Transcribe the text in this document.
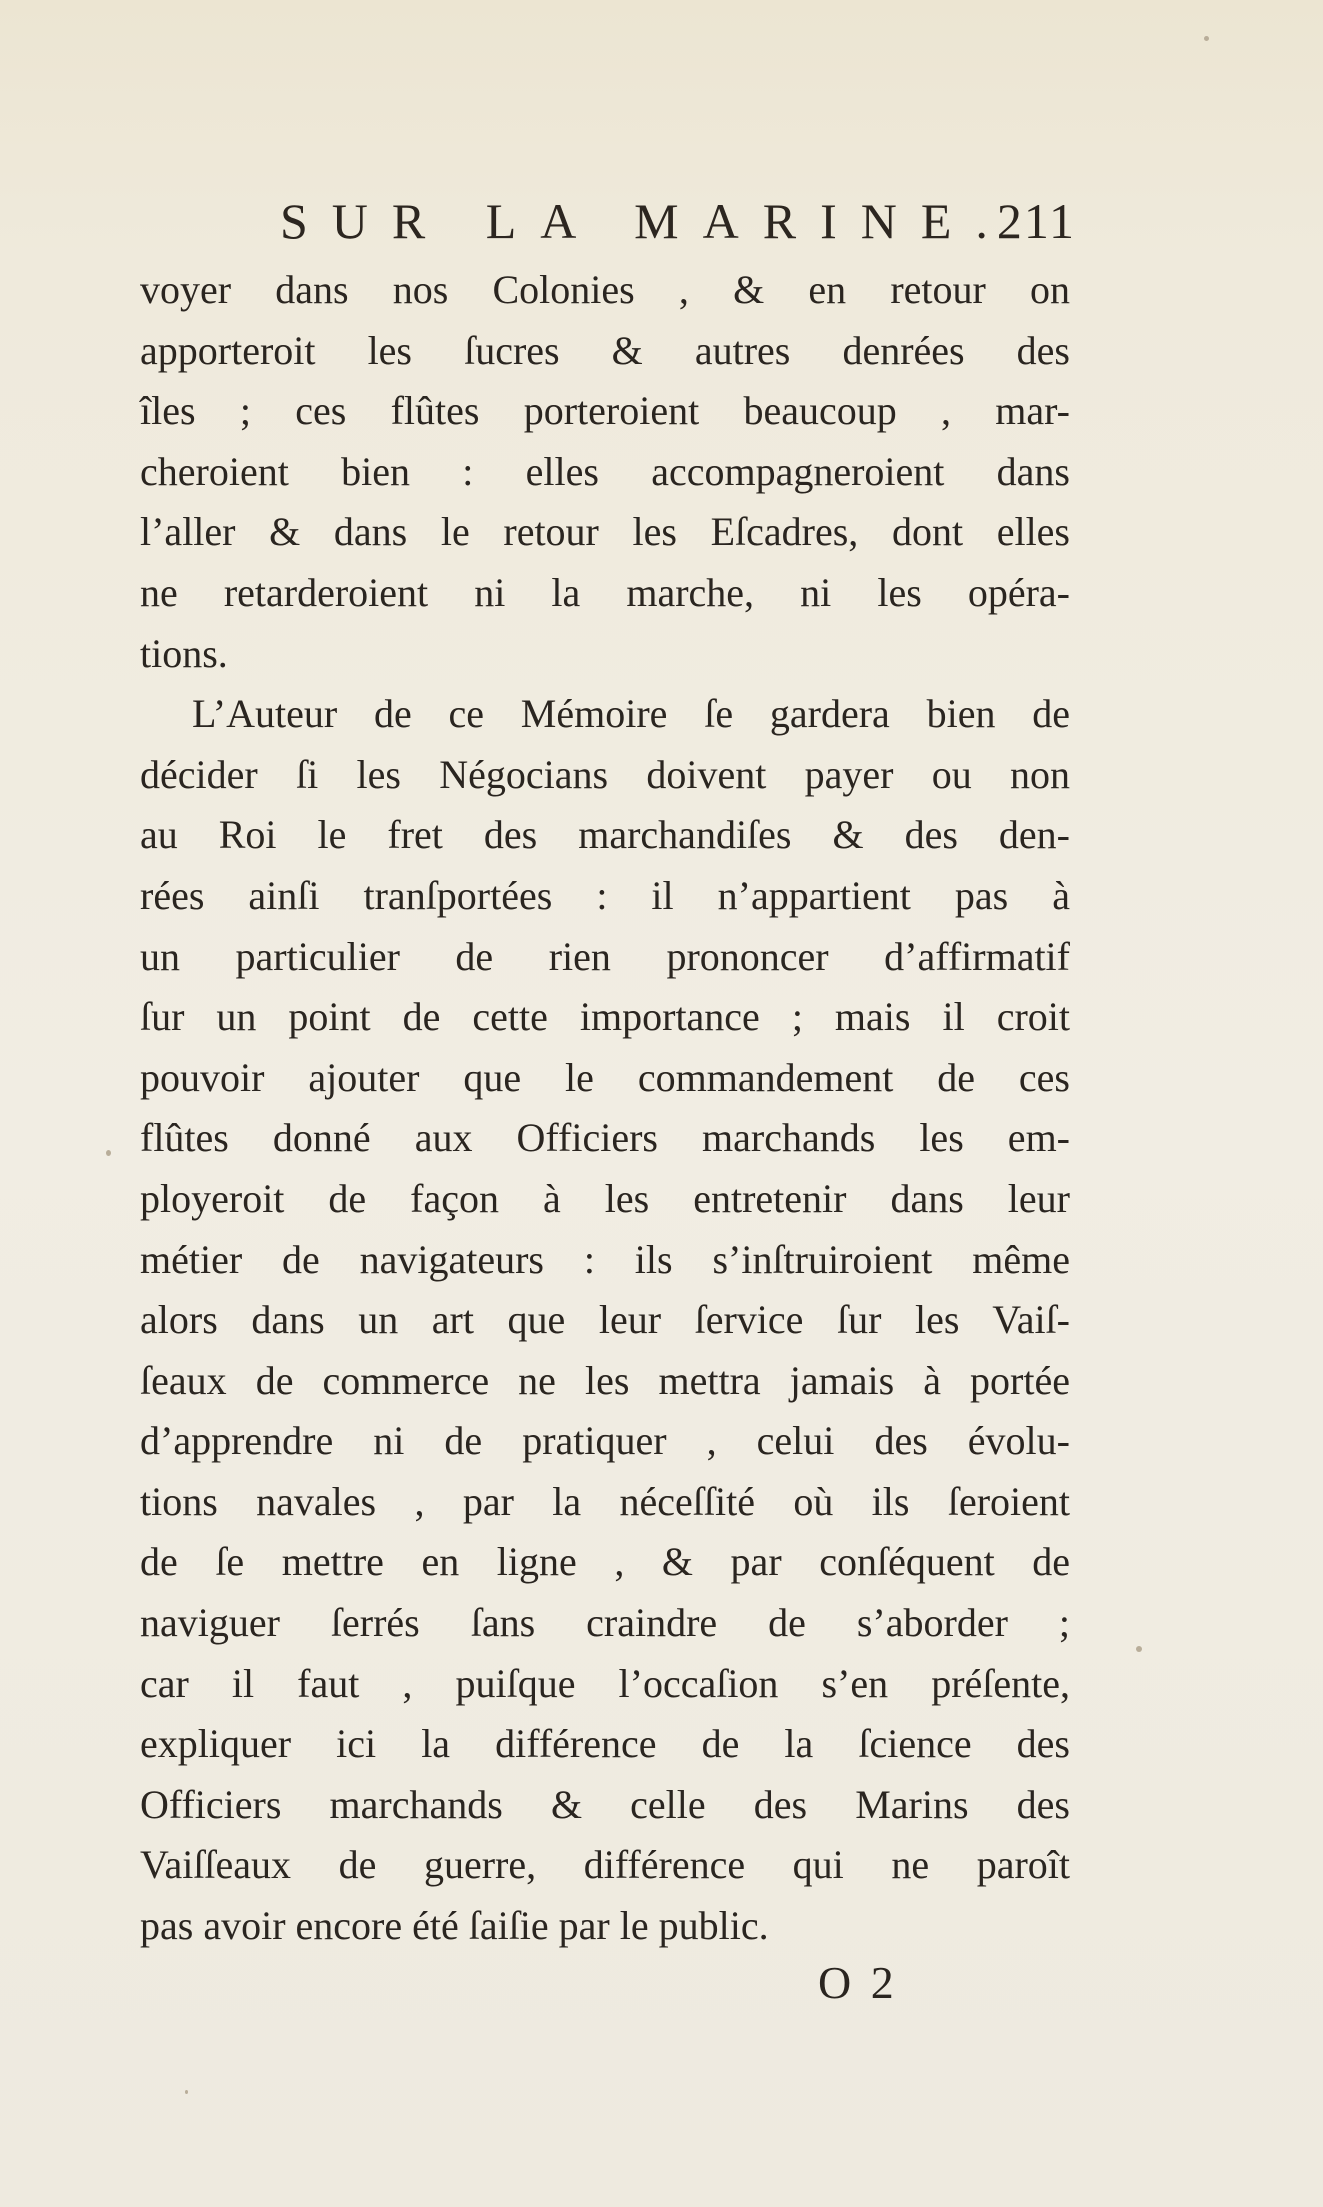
SUR LA MARINE.
211
voyer dans nos Colonies , & en retour on
apporteroit les ſucres & autres denrées des
îles ; ces flûtes porteroient beaucoup , mar-
cheroient bien : elles accompagneroient dans
l’aller & dans le retour les Eſcadres, dont elles
ne retarderoient ni la marche, ni les opéra-
tions.
L’Auteur de ce Mémoire ſe gardera bien de
décider ſi les Négocians doivent payer ou non
au Roi le fret des marchandiſes & des den-
rées ainſi tranſportées : il n’appartient pas à
un particulier de rien prononcer d’affirmatif
ſur un point de cette importance ; mais il croit
pouvoir ajouter que le commandement de ces
flûtes donné aux Officiers marchands les em-
ployeroit de façon à les entretenir dans leur
métier de navigateurs : ils s’inſtruiroient même
alors dans un art que leur ſervice ſur les Vaiſ-
ſeaux de commerce ne les mettra jamais à portée
d’apprendre ni de pratiquer , celui des évolu-
tions navales , par la néceſſité où ils ſeroient
de ſe mettre en ligne , & par conſéquent de
naviguer ſerrés ſans craindre de s’aborder ;
car il faut , puiſque l’occaſion s’en préſente,
expliquer ici la différence de la ſcience des
Officiers marchands & celle des Marins des
Vaiſſeaux de guerre, différence qui ne paroît
pas avoir encore été ſaiſie par le public.
O 2
